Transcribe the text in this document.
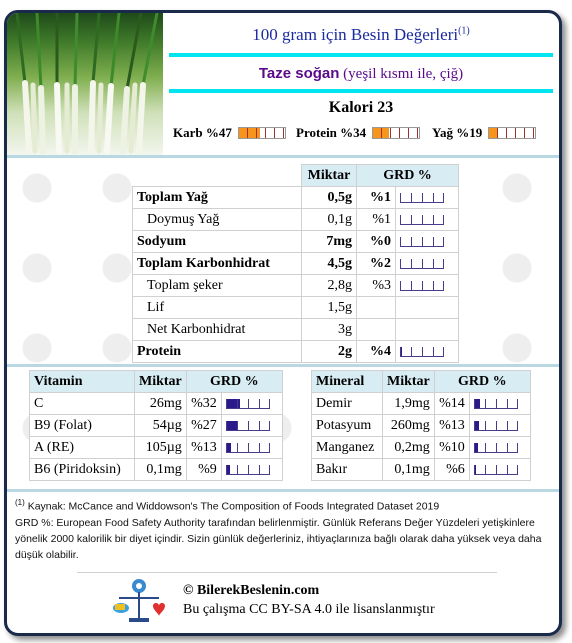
100 gram için Besin Değerleri$^{(1)}$
Taze soğan (yeşil kısmı ile, çiğ)
Kalori 23
Karb %47	Protein %34	Yağ %19
	Miktar	GRD %	
Toplam Yağ	0,5g	%1	

Doymuş Yağ	0,1g	%1	

Sodyum	7mg	%0	

Toplam Karbonhidrat	4,5g	%2	

Toplam şeker	2,8g	%3	

Lif	1,5g		
Net Karbonhidrat	3g		
Protein	2g	%4	
Vitamin	Miktar	GRD %	
C	26mg	%32	

B9 (Folat)	54µg	%27	

A (RE)	105µg	%13	

B6 (Piridoksin)	0,1mg	%9	
Mineral	Miktar	GRD %	
Demir	1,9mg	%14	

Potasyum	260mg	%13	

Manganez	0,2mg	%10	

Bakır	0,1mg	%6	
$^{(1)}$ Kaynak: McCance and Widdowson's The Composition of Foods Integrated Dataset 2019
GRD %: European Food Safety Authority tarafından belirlenmiştir. Günlük Referans Değer Yüzdeleri yetişkinlere yönelik 2000 kalorilik bir diyet içindir. Sizin günlük değerleriniz, ihtiyaçlarınıza bağlı olarak daha yüksek veya daha düşük olabilir.
© BilerekBeslenin.com
Bu çalışma CC BY-SA 4.0 ile lisanslanmıştır
